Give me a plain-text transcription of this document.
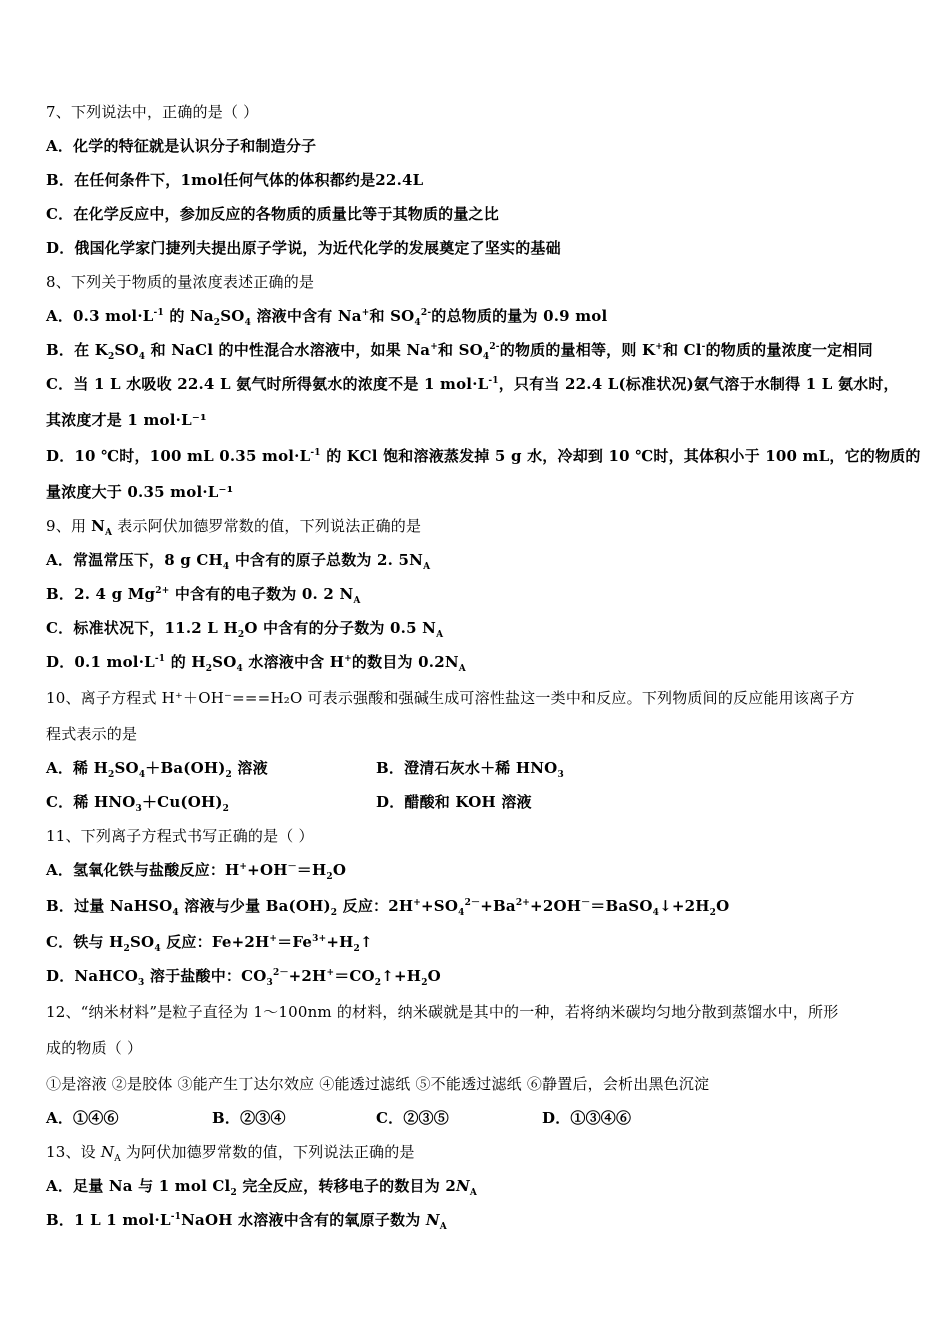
7、下列说法中，正确的是（ ）
A．化学的特征就是认识分子和制造分子
B．在任何条件下，1mol任何气体的体积都约是22.4L
C．在化学反应中，参加反应的各物质的质量比等于其物质的量之比
D．俄国化学家门捷列夫提出原子学说，为近代化学的发展奠定了坚实的基础
8、下列关于物质的量浓度表述正确的是
A．0.3 $mol\cdot L^{-1}$ 的 $Na_2SO_4$ 溶液中含有 Na+和 $SO_4^{2-}$的总物质的量为 0.9 mol
B．在 $K_2SO_4$ 和 NaCl 的中性混合水溶液中，如果 Na+和 $SO_4^{2-}$的物质的量相等，则 K+和 Cl-的物质的量浓度一定相同
C．当 1 L 水吸收 22.4 L 氨气时所得氨水的浓度不是 1 $mol\cdot L^{-1}$，只有当 22.4 L(标准状况)氨气溶于水制得 1 L 氨水时，
其浓度才是 1 mol·L⁻¹
D．10 ℃时，100 mL 0.35 $mol\cdot L^{-1}$ 的 KCl 饱和溶液蒸发掉 5 g 水，冷却到 10 ℃时，其体积小于 100 mL，它的物质的
量浓度大于 0.35 mol·L⁻¹
9、用 $N_A$ 表示阿伏加德罗常数的值，下列说法正确的是
A．常温常压下，8 g $CH_4$ 中含有的原子总数为 2. $5N_A$
B．2. 4 g $Mg^{2+}$ 中含有的电子数为 0. 2 $N_A$
C．标准状况下，11.2 L $H_2O$ 中含有的分子数为 0.5 $N_A$
D．0.1 $mol\cdot L^{-1}$ 的 $H_2SO_4$ 水溶液中含 H+的数目为 $0.2N_A$
10、离子方程式 H⁺＋OH⁻===H₂O 可表示强酸和强碱生成可溶性盐这一类中和反应。下列物质间的反应能用该离子方
程式表示的是
A．稀 $H_2SO_4+Ba(OH)_2$ 溶液	B．澄清石灰水＋稀 $HNO_3$
C．稀 $HNO_3+Cu(OH)_2$	D．醋酸和 KOH 溶液
11、下列离子方程式书写正确的是（ ）
A．氢氧化铁与盐酸反应：$H^++OH^-=H_2O$
B．过量 NaHSO$_4$ 溶液与少量 $Ba(OH)_2$ 反应：$2H^++SO_4^{2-}+Ba^{2+}+2OH^-=BaSO_4↓+2H_2O$
C．铁与 $H_2SO_4$ 反应：$Fe+2H^+=Fe^{3+}+H_2↑$
D．NaHCO$_3$ 溶于盐酸中：$CO_3^{2-}+2H^+=CO_2↑+H_2O$
12、“纳米材料”是粒子直径为 1～100nm 的材料，纳米碳就是其中的一种，若将纳米碳均匀地分散到蒸馏水中，所形
成的物质（ ）
①是溶液 ②是胶体 ③能产生丁达尔效应 ④能透过滤纸 ⑤不能透过滤纸 ⑥静置后，会析出黑色沉淀
A．①④⑥	B．②③④	C．②③⑤	D．①③④⑥
13、设 $N_A$ 为阿伏加德罗常数的值，下列说法正确的是
A．足量 Na 与 1 mol $Cl_2$ 完全反应，转移电子的数目为 $2N_A$
B．1 L 1 $mol\cdot L^{-1}NaOH$ 水溶液中含有的氧原子数为 $N_A$
